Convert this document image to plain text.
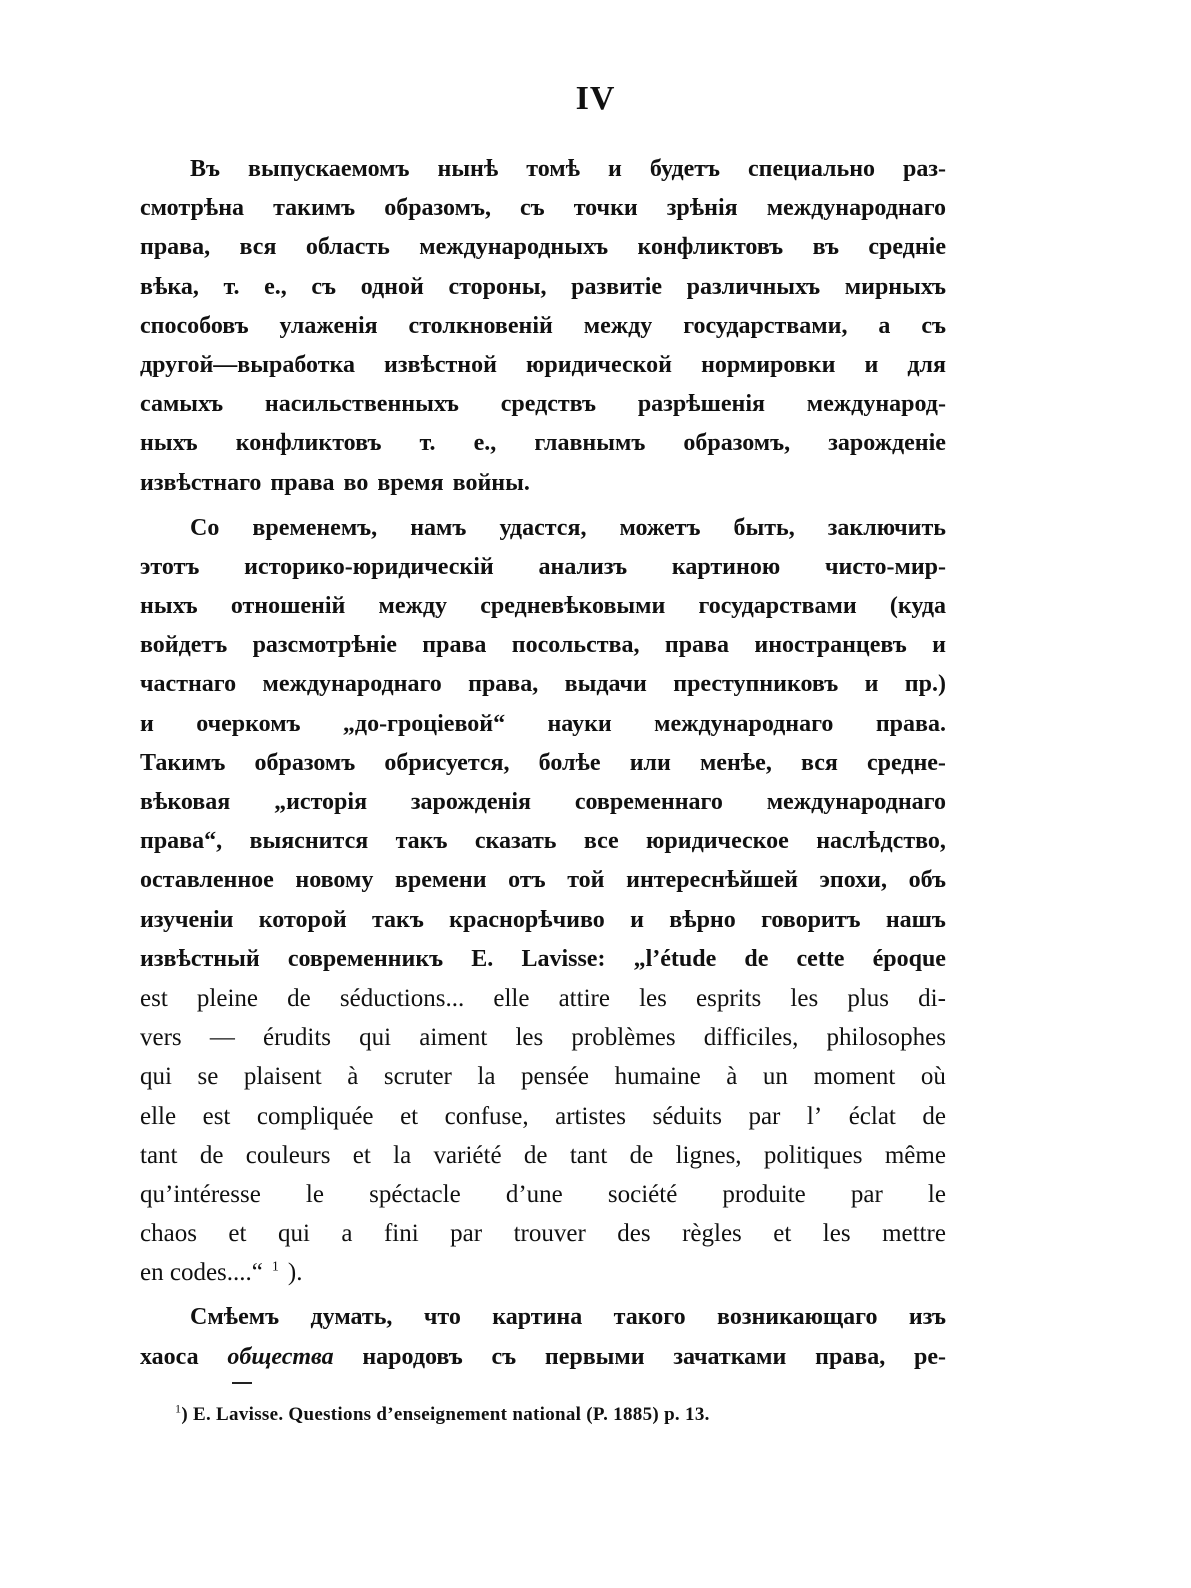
IV
Въ выпускаемомъ нынѣ томѣ и будетъ специально раз-
смотрѣна такимъ образомъ, съ точки зрѣнія международнаго
права, вся область международныхъ конфликтовъ въ средніе
вѣка, т. е., съ одной стороны, развитіе различныхъ мирныхъ
способовъ улаженія столкновеній между государствами, а съ
другой—выработка извѣстной юридической нормировки и для
самыхъ насильственныхъ средствъ разрѣшенія международ-
ныхъ конфликтовъ т. е., главнымъ образомъ, зарожденіе
извѣстнаго права во время войны.
Со временемъ, намъ удастся, можетъ быть, заключить
этотъ историко-юридическій анализъ картиною чисто-мир-
ныхъ отношеній между средневѣковыми государствами (куда
войдетъ разсмотрѣніе права посольства, права иностранцевъ и
частнаго международнаго права, выдачи преступниковъ и пр.)
и очеркомъ „до-гроціевой“ науки международнаго права.
Такимъ образомъ обрисуется, болѣе или менѣе, вся средне-
вѣковая „исторія зарожденія современнаго международнаго
права“, выяснится такъ сказать все юридическое наслѣдство,
оставленное новому времени отъ той интереснѣйшей эпохи, объ
изученіи которой такъ краснорѣчиво и вѣрно говоритъ нашъ
извѣстный современникъ E. Lavisse: „l’étude de cette époque
est pleine de séductions... elle attire les esprits les plus di-
vers — érudits qui aiment les problèmes difficiles, philosophes
qui se plaisent à scruter la pensée humaine à un moment où
elle est compliquée et confuse, artistes séduits par l’ éclat de
tant de couleurs et la variété de tant de lignes, politiques même
qu’intéresse le spéctacle d’une société produite par le
chaos et qui a fini par trouver des règles et les mettre
en codes....“ $^1$ ).
Смѣемъ думать, что картина такого возникающаго изъ
хаоса общества народовъ съ первыми зачатками права, ре-
$^1$) E. Lavisse. Questions d’enseignement national (P. 1885) p. 13.
